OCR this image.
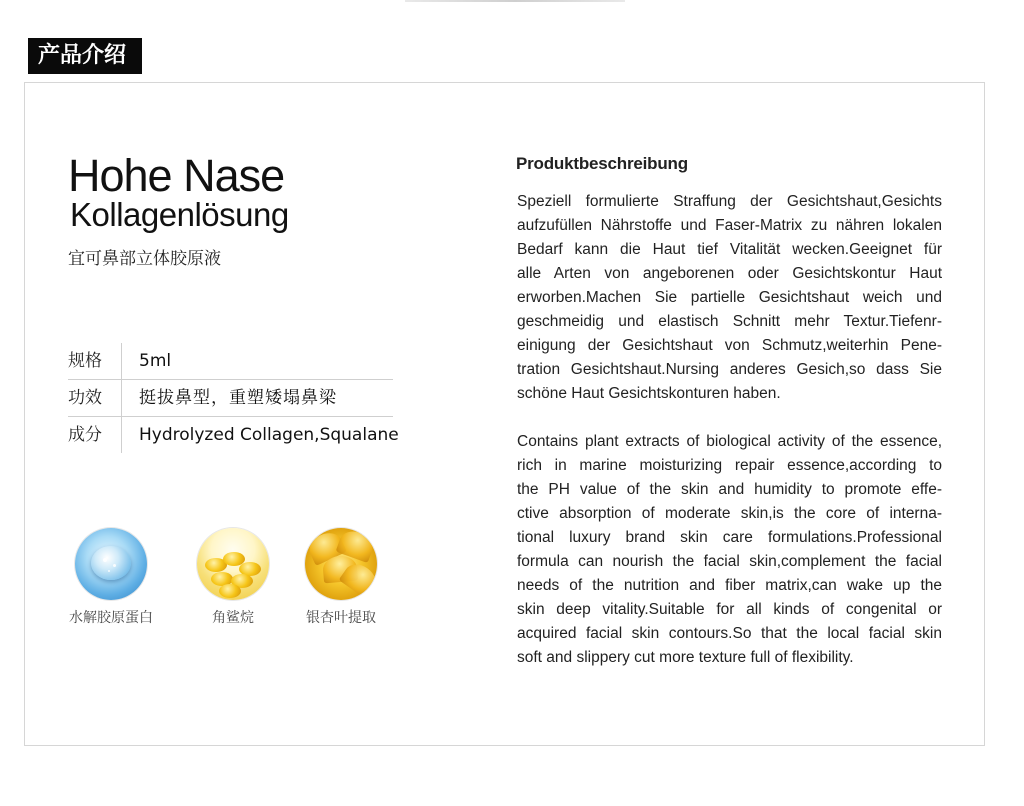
产品介绍
Hohe Nase
Kollagenlösung
宜可鼻部立体胶原液
规格	5ml
功效	挺拔鼻型，重塑矮塌鼻梁
成分	Hydrolyzed Collagen,Squalane
水解胶原蛋白	角鲨烷	银杏叶提取
Produktbeschreibung
Speziell formulierte Straffung der Gesichtshaut,Gesichts
aufzufüllen Nährstoffe und Faser-Matrix zu nähren lokalen
Bedarf kann die Haut tief Vitalität wecken.Geeignet für
alle Arten von angeborenen oder Gesichtskontur Haut
erworben.Machen Sie partielle Gesichtshaut weich und
geschmeidig und elastisch Schnitt mehr Textur.Tiefenr-
einigung der Gesichtshaut von Schmutz,weiterhin Pene-
tration Gesichtshaut.Nursing anderes Gesich,so dass Sie
schöne Haut Gesichtskonturen haben.
Contains plant extracts of biological activity of the essence,
rich in marine moisturizing repair essence,according to
the PH value of the skin and humidity to promote effe-
ctive absorption of moderate skin,is the core of interna-
tional luxury brand skin care formulations.Professional
formula can nourish the facial skin,complement the facial
needs of the nutrition and fiber matrix,can wake up the
skin deep vitality.Suitable for all kinds of congenital or
acquired facial skin contours.So that the local facial skin
soft and slippery cut more texture full of flexibility.
